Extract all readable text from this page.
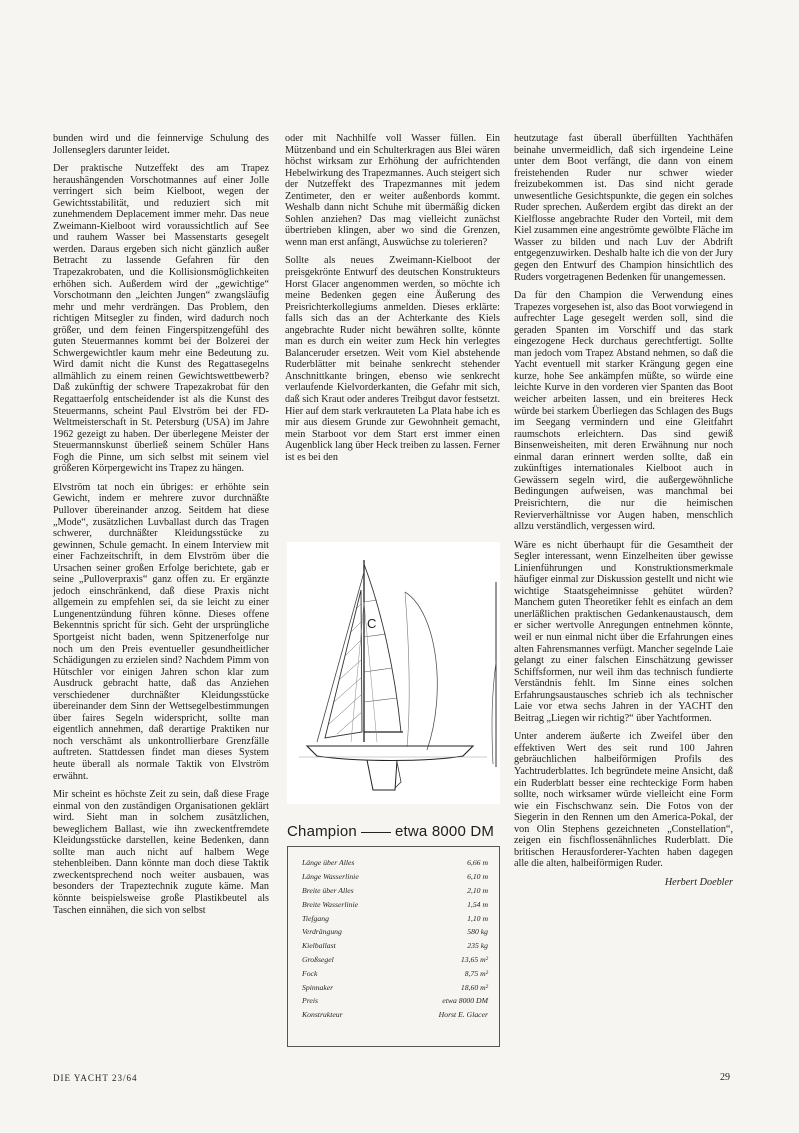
bunden wird und die feinnervige Schulung des Jollenseglers darunter leidet.

Der praktische Nutzeffekt des am Trapez heraushängenden Vorschotmannes auf einer Jolle verringert sich beim Kielboot, wegen der Gewichtsstabilität, und reduziert sich mit zunehmendem Deplacement immer mehr. Das neue Zweimann-Kielboot wird voraussichtlich auf See und rauhem Wasser bei Massenstarts gesegelt werden. Daraus ergeben sich nicht gänzlich außer Betracht zu lassende Gefahren für den Trapezakrobaten, und die Kollisionsmöglichkeiten erhöhen sich. Außerdem wird der „gewichtige“ Vorschotmann den „leichten Jungen“ zwangsläufig mehr und mehr verdrängen. Das Problem, den richtigen Mitsegler zu finden, wird dadurch noch größer, und dem feinen Fingerspitzengefühl des guten Steuermannes kommt bei der Bolzerei der Schwergewichtler kaum mehr eine Bedeutung zu. Wird damit nicht die Kunst des Regattasegelns allmählich zu einem reinen Gewichtswettbewerb? Daß zukünftig der schwere Trapezakrobat für den Regattaerfolg entscheidender ist als die Kunst des Steuermanns, scheint Paul Elvström bei der FD-Weltmeisterschaft in St. Petersburg (USA) im Jahre 1962 gezeigt zu haben. Der überlegene Meister der Steuermannskunst überließ seinem Schüler Hans Fogh die Pinne, um sich selbst mit seinem viel größeren Körpergewicht ins Trapez zu hängen.

Elvström tat noch ein übriges: er erhöhte sein Gewicht, indem er mehrere zuvor durchnäßte Pullover übereinander anzog. Seitdem hat diese „Mode“, zusätzlichen Luvballast durch das Tragen schwerer, durchnäßter Kleidungsstücke zu gewinnen, Schule gemacht. In einem Interview mit einer Fachzeitschrift, in dem Elvström über die Ursachen seiner großen Erfolge berichtete, gab er seine „Pulloverpraxis“ ganz offen zu. Er ergänzte jedoch einschränkend, daß diese Praxis nicht allgemein zu empfehlen sei, da sie leicht zu einer Lungenentzündung führen könne. Dieses offene Bekenntnis spricht für sich. Geht der ursprüngliche Sportgeist nicht baden, wenn Spitzenerfolge nur noch um den Preis eventueller gesundheitlicher Schädigungen zu erzielen sind? Nachdem Pimm von Hütschler vor einigen Jahren schon klar zum Ausdruck gebracht hatte, daß das Anziehen verschiedener durchnäßter Kleidungsstücke übereinander dem Sinn der Wettsegelbestimmungen über faires Segeln widerspricht, sollte man eigentlich annehmen, daß derartige Praktiken nur noch verschämt als unkontrollierbare Grenzfälle auftreten. Stattdessen findet man dieses System heute überall als normale Taktik von Elvström erwähnt.

Mir scheint es höchste Zeit zu sein, daß diese Frage einmal von den zuständigen Organisationen geklärt wird. Sieht man in solchem zusätzlichen, beweglichem Ballast, wie ihn zweckentfremdete Kleidungsstücke darstellen, keine Bedenken, dann sollte man auch nicht auf halbem Wege stehenbleiben. Dann könnte man doch diese Taktik zweckentsprechend noch weiter ausbauen, was besonders der Trapeztechnik zugute käme. Man könnte beispielsweise große Plastikbeutel als Taschen einnähen, die sich von selbst

oder mit Nachhilfe voll Wasser füllen. Ein Mützenband und ein Schulterkragen aus Blei wären höchst wirksam zur Erhöhung der aufrichtenden Hebelwirkung des Trapezmannes. Auch steigert sich der Nutzeffekt des Trapezmannes mit jedem Zentimeter, den er weiter außenbords kommt. Weshalb dann nicht Schuhe mit übermäßig dicken Sohlen anziehen? Das mag vielleicht zunächst übertrieben klingen, aber wo sind die Grenzen, wenn man erst anfängt, Auswüchse zu tolerieren?

Sollte als neues Zweimann-Kielboot der preisgekrönte Entwurf des deutschen Konstrukteurs Horst Glacer angenommen werden, so möchte ich meine Bedenken gegen eine Äußerung des Preisrichterkollegiums anmelden. Dieses erklärte: falls sich das an der Achterkante des Kiels angebrachte Ruder nicht bewähren sollte, könnte man es durch ein weiter zum Heck hin verlegtes Balanceruder ersetzen. Weit vom Kiel abstehende Ruderblätter mit beinahe senkrecht stehender Anschnittkante bringen, ebenso wie senkrecht verlaufende Kielvorderkanten, die Gefahr mit sich, daß sich Kraut oder anderes Treibgut davor festsetzt. Hier auf dem stark verkrauteten La Plata habe ich es mir aus diesem Grunde zur Gewohnheit gemacht, mein Starboot vor dem Start erst immer einen Augenblick lang über Heck treiben zu lassen. Ferner ist es bei den

heutzutage fast überall überfüllten Yachthäfen beinahe unvermeidlich, daß sich irgendeine Leine unter dem Boot verfängt, die dann von einem freistehenden Ruder nur schwer wieder freizubekommen ist. Das sind nicht gerade unwesentliche Gesichtspunkte, die gegen ein solches Ruder sprechen. Außerdem ergibt das direkt an der Kielflosse angebrachte Ruder den Vorteil, mit dem Kiel zusammen eine angeströmte gewölbte Fläche im Wasser zu bilden und nach Luv der Abdrift entgegenzuwirken. Deshalb halte ich die von der Jury gegen den Entwurf des Champion hinsichtlich des Ruders vorgetragenen Bedenken für unangemessen.

Da für den Champion die Verwendung eines Trapezes vorgesehen ist, also das Boot vorwiegend in aufrechter Lage gesegelt werden soll, sind die geraden Spanten im Vorschiff und das stark eingezogene Heck durchaus gerechtfertigt. Sollte man jedoch vom Trapez Abstand nehmen, so daß die Yacht eventuell mit starker Krängung gegen eine kurze, hohe See ankämpfen müßte, so würde eine leichte Kurve in den vorderen vier Spanten das Boot weicher arbeiten lassen, und ein breiteres Heck würde bei starkem Überliegen das Schlagen des Bugs im Seegang vermindern und eine Gleitfahrt raumschots erleichtern. Das sind gewiß Binsenweisheiten, mit deren Erwähnung nur noch einmal daran erinnert werden sollte, daß ein zukünftiges internationales Kielboot auch in Gewässern segeln wird, die außergewöhnliche Bedingungen aufweisen, was manchmal bei Preisrichtern, die nur die heimischen Revierverhältnisse vor Augen haben, menschlich allzu verständlich, vergessen wird.

Wäre es nicht überhaupt für die Gesamtheit der Segler interessant, wenn Einzelheiten über gewisse Linienführungen und Konstruktionsmerkmale häufiger einmal zur Diskussion gestellt und nicht wie wichtige Staatsgeheimnisse gehütet würden? Manchem guten Theoretiker fehlt es einfach an dem unerläßlichen praktischen Gedankenaustausch, dem er sicher wertvolle Anregungen entnehmen könnte, weil er nun einmal nicht über die Erfahrungen eines alten Fahrensmannes verfügt. Mancher segelnde Laie gelangt zu einer falschen Einschätzung gewisser Schiffsformen, nur weil ihm das technisch fundierte Verständnis fehlt. Im Sinne eines solchen Erfahrungsaustausches schrieb ich als technischer Laie vor etwa sechs Jahren in der YACHT den Beitrag „Liegen wir richtig?“ über Yachtformen.

Unter anderem äußerte ich Zweifel über den effektiven Wert des seit rund 100 Jahren gebräuchlichen halbeiförmigen Profils des Yachtruderblattes. Ich begründete meine Ansicht, daß ein Ruderblatt besser eine rechteckige Form haben sollte, noch wirksamer würde vielleicht eine Form wie ein Fischschwanz sein. Die Fotos von der Siegerin in den Rennen um den America-Pokal, der von Olin Stephens gezeichneten „Constellation“, zeigen ein fischflossenähnliches Ruderblatt. Die britischen Herausforderer-Yachten haben dagegen alle die alten, halbeiförmigen Ruder.

Herbert Doebler
C
Champion	etwa 8000 DM
Länge über Alles	6,66 m
Länge Wasserlinie	6,10 m
Breite über Alles	2,10 m
Breite Wasserlinie	1,54 m
Tiefgang	1,10 m
Verdrängung	580 kg
Kielballast	235 kg
Großsegel	13,65 m²
Fock	8,75 m²
Spinnaker	18,60 m²
Preis	etwa 8000 DM
Konstrukteur	Horst E. Glacer
DIE YACHT 23/64	29
